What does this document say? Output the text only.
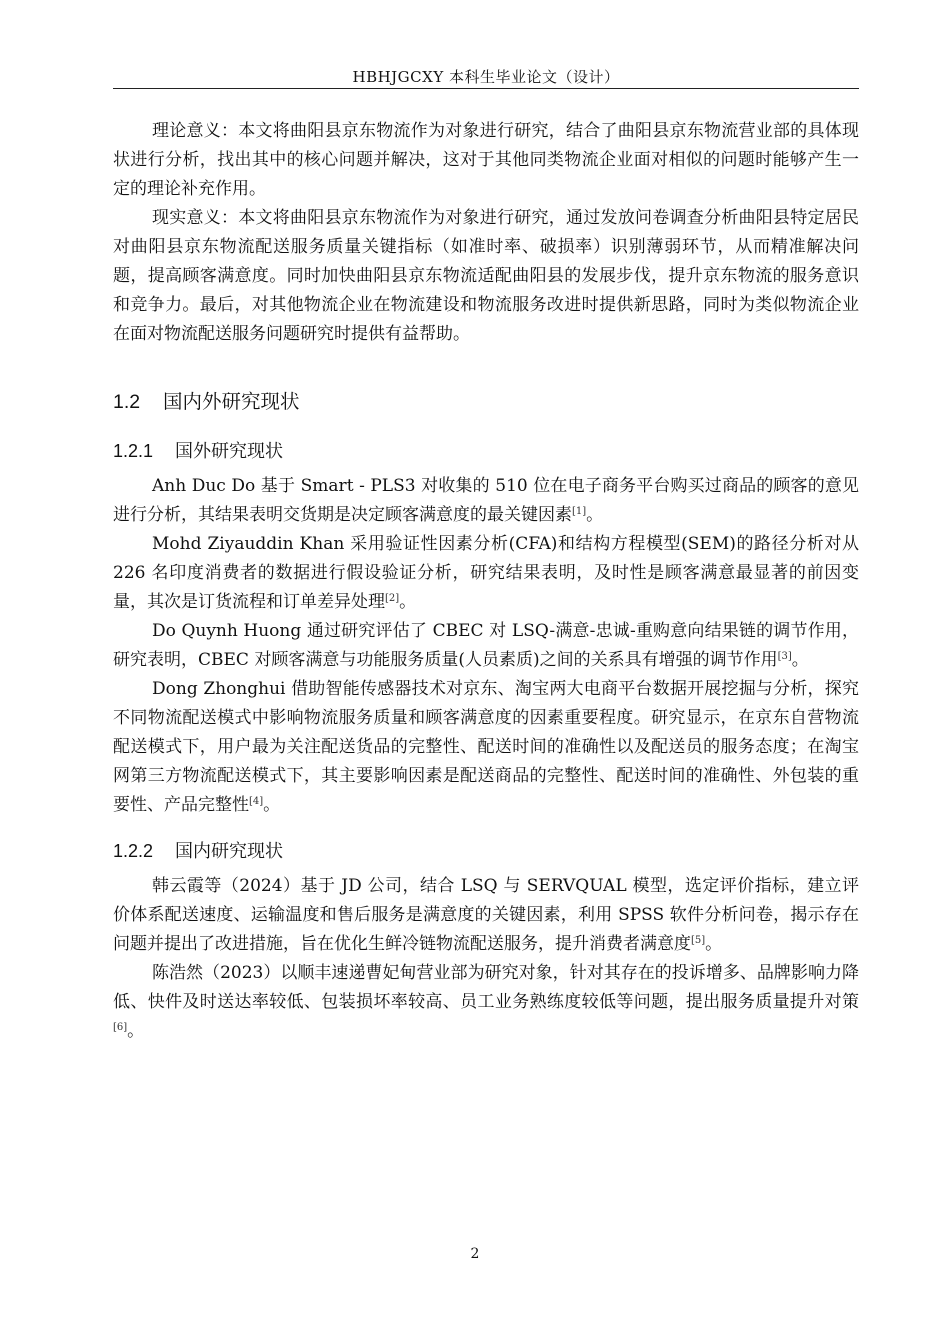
HBHJGCXY 本科生毕业论文（设计）

理论意义：本文将曲阳县京东物流作为对象进行研究，结合了曲阳县京东物流营业部的具体现状进行分析，找出其中的核心问题并解决，这对于其他同类物流企业面对相似的问题时能够产生一定的理论补充作用。

现实意义：本文将曲阳县京东物流作为对象进行研究，通过发放问卷调查分析曲阳县特定居民对曲阳县京东物流配送服务质量关键指标（如准时率、破损率）识别薄弱环节，从而精准解决问题，提高顾客满意度。同时加快曲阳县京东物流适配曲阳县的发展步伐，提升京东物流的服务意识和竞争力。最后，对其他物流企业在物流建设和物流服务改进时提供新思路，同时为类似物流企业在面对物流配送服务问题研究时提供有益帮助。

1.2 国内外研究现状
1.2.1 国外研究现状

Anh Duc Do 基于 Smart - PLS3 对收集的 510 位在电子商务平台购买过商品的顾客的意见进行分析，其结果表明交货期是决定顾客满意度的最关键因素[1]。

Mohd Ziyauddin Khan 采用验证性因素分析(CFA)和结构方程模型(SEM)的路径分析对从 226 名印度消费者的数据进行假设验证分析，研究结果表明，及时性是顾客满意最显著的前因变量，其次是订货流程和订单差异处理[2]。

Do Quynh Huong 通过研究评估了 CBEC 对 LSQ-满意-忠诚-重购意向结果链的调节作用，研究表明，CBEC 对顾客满意与功能服务质量(人员素质)之间的关系具有增强的调节作用[3]。

Dong Zhonghui 借助智能传感器技术对京东、淘宝两大电商平台数据开展挖掘与分析，探究不同物流配送模式中影响物流服务质量和顾客满意度的因素重要程度。研究显示，在京东自营物流配送模式下，用户最为关注配送货品的完整性、配送时间的准确性以及配送员的服务态度；在淘宝网第三方物流配送模式下，其主要影响因素是配送商品的完整性、配送时间的准确性、外包装的重要性、产品完整性[4]。

1.2.2 国内研究现状

韩云霞等（2024）基于 JD 公司，结合 LSQ 与 SERVQUAL 模型，选定评价指标，建立评价体系配送速度、运输温度和售后服务是满意度的关键因素，利用 SPSS 软件分析问卷，揭示存在问题并提出了改进措施，旨在优化生鲜冷链物流配送服务，提升消费者满意度[5]。

陈浩然（2023）以顺丰速递曹妃甸营业部为研究对象，针对其存在的投诉增多、品牌影响力降低、快件及时送达率较低、包装损坏率较高、员工业务熟练度较低等问题，提出服务质量提升对策[6]。

2
